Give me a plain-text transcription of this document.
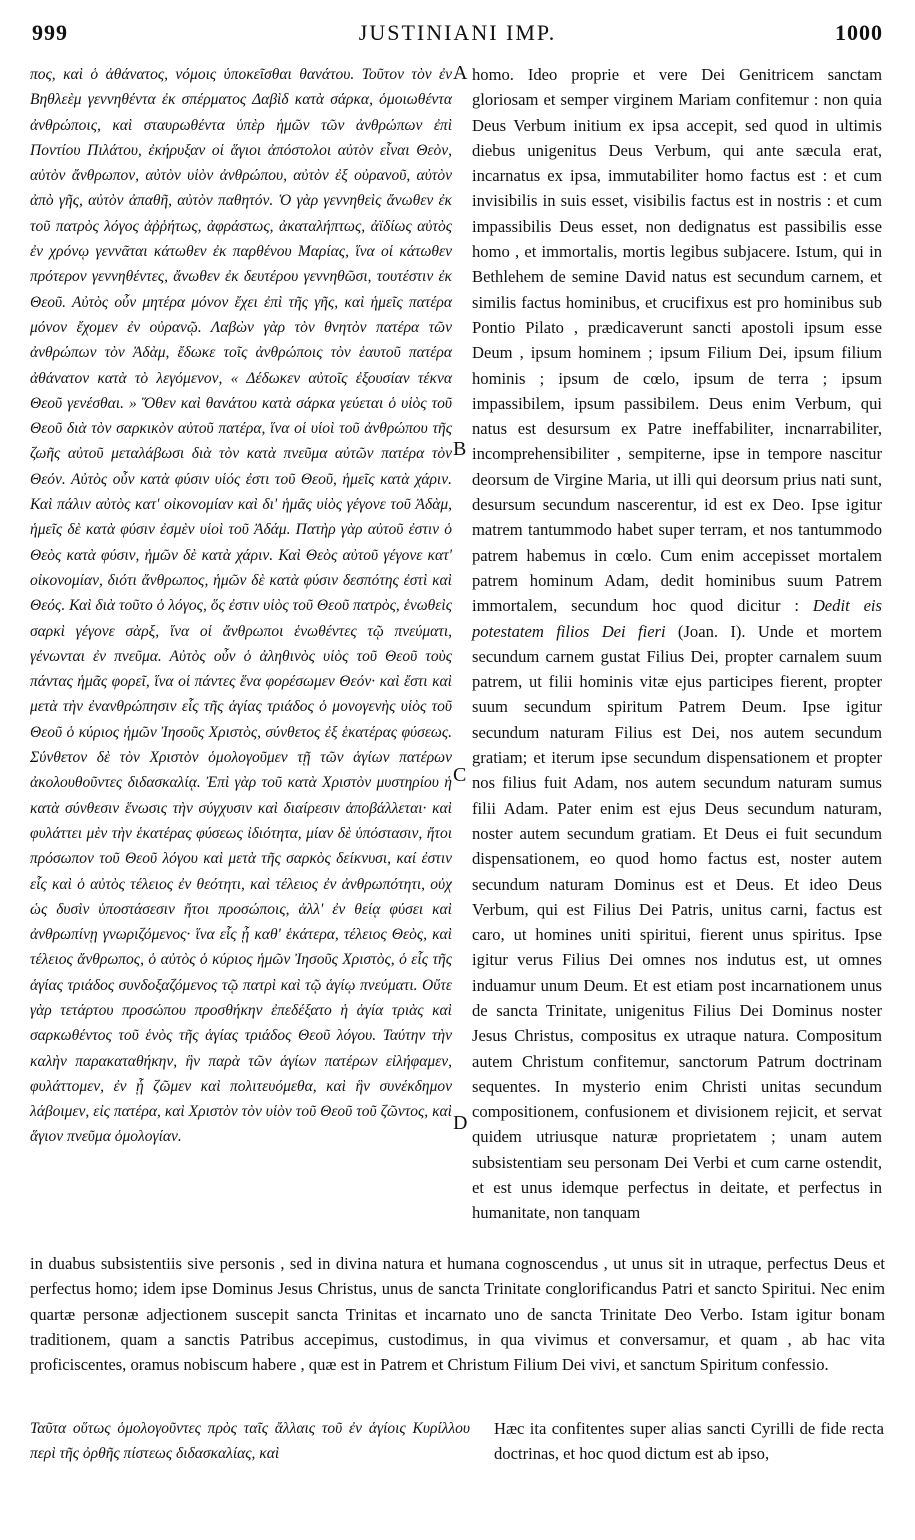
999	JUSTINIANI IMP.	1000

πος, καὶ ὁ ἀθάνατος, νόμοις ὑποκεῖσθαι θανάτου. Τοῦτον τὸν ἐν Βηθλεὲμ γεννηθέντα ἐκ σπέρματος Δαβὶδ κατὰ σάρκα, ὁμοιωθέντα ἀνθρώποις, καὶ σταυρωθέντα ὑπὲρ ἡμῶν τῶν ἀνθρώπων ἐπὶ Ποντίου Πιλάτου, ἐκήρυξαν οἱ ἅγιοι ἀπόστολοι αὐτὸν εἶναι Θεὸν, αὐτὸν ἄνθρωπον, αὐτὸν υἱὸν ἀνθρώπου, αὐτὸν ἐξ οὐρανοῦ, αὐτὸν ἀπὸ γῆς, αὐτὸν ἀπαθῆ, αὐτὸν παθητόν. Ὁ γὰρ γεννηθεὶς ἄνωθεν ἐκ τοῦ πατρὸς λόγος ἀῤῥήτως, ἀφράστως, ἀκαταλήπτως, ἀϊδίως αὐτὸς ἐν χρόνῳ γεννᾶται κάτωθεν ἐκ παρθένου Μαρίας, ἵνα οἱ κάτωθεν πρότερον γεννηθέντες, ἄνωθεν ἐκ δευτέρου γεννηθῶσι, τουτέστιν ἐκ Θεοῦ. Αὐτὸς οὖν μητέρα μόνον ἔχει ἐπὶ τῆς γῆς, καὶ ἡμεῖς πατέρα μόνον ἔχομεν ἐν οὐρανῷ. Λαβὼν γὰρ τὸν θνητὸν πατέρα τῶν ἀνθρώπων τὸν Ἀδὰμ, ἔδωκε τοῖς ἀνθρώποις τὸν ἑαυτοῦ πατέρα ἀθάνατον κατὰ τὸ λεγόμενον, « Δέδωκεν αὐτοῖς ἐξουσίαν τέκνα Θεοῦ γενέσθαι. » Ὅθεν καὶ θανάτου κατὰ σάρκα γεύεται ὁ υἱὸς τοῦ Θεοῦ διὰ τὸν σαρκικὸν αὐτοῦ πατέρα, ἵνα οἱ υἱοὶ τοῦ ἀνθρώπου τῆς ζωῆς αὐτοῦ μεταλάβωσι διὰ τὸν κατὰ πνεῦμα αὐτῶν πατέρα τὸν Θεόν. Αὐτὸς οὖν κατὰ φύσιν υἱός ἐστι τοῦ Θεοῦ, ἡμεῖς κατὰ χάριν. Καὶ πάλιν αὐτὸς κατ' οἰκονομίαν καὶ δι' ἡμᾶς υἱὸς γέγονε τοῦ Ἀδὰμ, ἡμεῖς δὲ κατὰ φύσιν ἐσμὲν υἱοὶ τοῦ Ἀδάμ. Πατὴρ γὰρ αὐτοῦ ἐστιν ὁ Θεὸς κατὰ φύσιν, ἡμῶν δὲ κατὰ χάριν. Καὶ Θεὸς αὐτοῦ γέγονε κατ' οἰκονομίαν, διότι ἄνθρωπος, ἡμῶν δὲ κατὰ φύσιν δεσπότης ἐστὶ καὶ Θεός. Καὶ διὰ τοῦτο ὁ λόγος, ὅς ἐστιν υἱὸς τοῦ Θεοῦ πατρὸς, ἑνωθεὶς σαρκὶ γέγονε σὰρξ, ἵνα οἱ ἄνθρωποι ἑνωθέντες τῷ πνεύματι, γένωνται ἐν πνεῦμα. Αὐτὸς οὖν ὁ ἀληθινὸς υἱὸς τοῦ Θεοῦ τοὺς πάντας ἡμᾶς φορεῖ, ἵνα οἱ πάντες ἕνα φορέσωμεν Θεόν· καὶ ἔστι καὶ μετὰ τὴν ἐνανθρώπησιν εἷς τῆς ἁγίας τριάδος ὁ μονογενὴς υἱὸς τοῦ Θεοῦ ὁ κύριος ἡμῶν Ἰησοῦς Χριστὸς, σύνθετος ἐξ ἑκατέρας φύσεως. Σύνθετον δὲ τὸν Χριστὸν ὁμολογοῦμεν τῇ τῶν ἁγίων πατέρων ἀκολουθοῦντες διδασκαλίᾳ. Ἐπὶ γὰρ τοῦ κατὰ Χριστὸν μυστηρίου ἡ κατὰ σύνθεσιν ἕνωσις τὴν σύγχυσιν καὶ διαίρεσιν ἀποβάλλεται· καὶ φυλάττει μὲν τὴν ἑκατέρας φύσεως ἰδιότητα, μίαν δὲ ὑπόστασιν, ἤτοι πρόσωπον τοῦ Θεοῦ λόγου καὶ μετὰ τῆς σαρκὸς δείκνυσι, καί ἐστιν εἷς καὶ ὁ αὐτὸς τέλειος ἐν θεότητι, καὶ τέλειος ἐν ἀνθρωπότητι, οὐχ ὡς δυσὶν ὑποστάσεσιν ἤτοι προσώποις, ἀλλ' ἐν θείᾳ φύσει καὶ ἀνθρωπίνῃ γνωριζόμενος· ἵνα εἷς ᾖ καθ' ἑκάτερα, τέλειος Θεὸς, καὶ τέλειος ἄνθρωπος, ὁ αὐτὸς ὁ κύριος ἡμῶν Ἰησοῦς Χριστὸς, ὁ εἷς τῆς ἁγίας τριάδος συνδοξαζόμενος τῷ πατρὶ καὶ τῷ ἁγίῳ πνεύματι. Οὔτε γὰρ τετάρτου προσώπου προσθήκην ἐπεδέξατο ἡ ἁγία τριὰς καὶ σαρκωθέντος τοῦ ἑνὸς τῆς ἁγίας τριάδος Θεοῦ λόγου. Ταύτην τὴν καλὴν παρακαταθήκην, ἣν παρὰ τῶν ἁγίων πατέρων εἰλήφαμεν, φυλάττομεν, ἐν ᾗ ζῶμεν καὶ πολιτευόμεθα, καὶ ἣν συνέκδημον λάβοιμεν, εἰς πατέρα, καὶ Χριστὸν τὸν υἱὸν τοῦ Θεοῦ τοῦ ζῶντος, καὶ ἅγιον πνεῦμα ὁμολογίαν.

A
B
C
D

homo. Ideo proprie et vere Dei Genitricem sanctam gloriosam et semper virginem Mariam confitemur : non quia Deus Verbum initium ex ipsa accepit, sed quod in ultimis diebus unigenitus Deus Verbum, qui ante sæcula erat, incarnatus ex ipsa, immutabiliter homo factus est : et cum invisibilis in suis esset, visibilis factus est in nostris : et cum impassibilis Deus esset, non dedignatus est passibilis esse homo , et immortalis, mortis legibus subjacere. Istum, qui in Bethlehem de semine David natus est secundum carnem, et similis factus hominibus, et crucifixus est pro hominibus sub Pontio Pilato , prædicaverunt sancti apostoli ipsum esse Deum , ipsum hominem ; ipsum Filium Dei, ipsum filium hominis ; ipsum de cœlo, ipsum de terra ; ipsum impassibilem, ipsum passibilem. Deus enim Verbum, qui natus est desursum ex Patre ineffabiliter, incnarrabiliter, incomprehensibiliter , sempiterne, ipse in tempore nascitur deorsum de Virgine Maria, ut illi qui deorsum prius nati sunt, desursum secundum nascerentur, id est ex Deo. Ipse igitur matrem tantummodo habet super terram, et nos tantummodo patrem habemus in cœlo. Cum enim accepisset mortalem patrem hominum Adam, dedit hominibus suum Patrem immortalem, secundum hoc quod dicitur : Dedit eis potestatem filios Dei fieri (Joan. I). Unde et mortem secundum carnem gustat Filius Dei, propter carnalem suum patrem, ut filii hominis vitæ ejus participes fierent, propter suum secundum spiritum Patrem Deum. Ipse igitur secundum naturam Filius est Dei, nos autem secundum gratiam; et iterum ipse secundum dispensationem et propter nos filius fuit Adam, nos autem secundum naturam sumus filii Adam. Pater enim est ejus Deus secundum naturam, noster autem secundum gratiam. Et Deus ei fuit secundum dispensationem, eo quod homo factus est, noster autem secundum naturam Dominus est et Deus. Et ideo Deus Verbum, qui est Filius Dei Patris, unitus carni, factus est caro, ut homines uniti spiritui, fierent unus spiritus. Ipse igitur verus Filius Dei omnes nos indutus est, ut omnes induamur unum Deum. Et est etiam post incarnationem unus de sancta Trinitate, unigenitus Filius Dei Dominus noster Jesus Christus, compositus ex utraque natura. Compositum autem Christum confitemur, sanctorum Patrum doctrinam sequentes. In mysterio enim Christi unitas secundum compositionem, confusionem et divisionem rejicit, et servat quidem utriusque naturæ proprietatem ; unam autem subsistentiam seu personam Dei Verbi et cum carne ostendit, et est unus idemque perfectus in deitate, et perfectus in humanitate, non tanquam

in duabus subsistentiis sive personis , sed in divina natura et humana cognoscendus , ut unus sit in utraque, perfectus Deus et perfectus homo; idem ipse Dominus Jesus Christus, unus de sancta Trinitate conglorificandus Patri et sancto Spiritui. Nec enim quartæ personæ adjectionem suscepit sancta Trinitas et incarnato uno de sancta Trinitate Deo Verbo. Istam igitur bonam traditionem, quam a sanctis Patribus accepimus, custodimus, in qua vivimus et conversamur, et quam , ab hac vita proficiscentes, oramus nobiscum habere , quæ est in Patrem et Christum Filium Dei vivi, et sanctum Spiritum confessio.

Ταῦτα οὕτως ὁμολογοῦντες πρὸς ταῖς ἄλλαις τοῦ ἐν ἁγίοις Κυρίλλου περὶ τῆς ὀρθῆς πίστεως διδασκαλίας, καὶ

Hæc ita confitentes super alias sancti Cyrilli de fide recta doctrinas, et hoc quod dictum est ab ipso,
